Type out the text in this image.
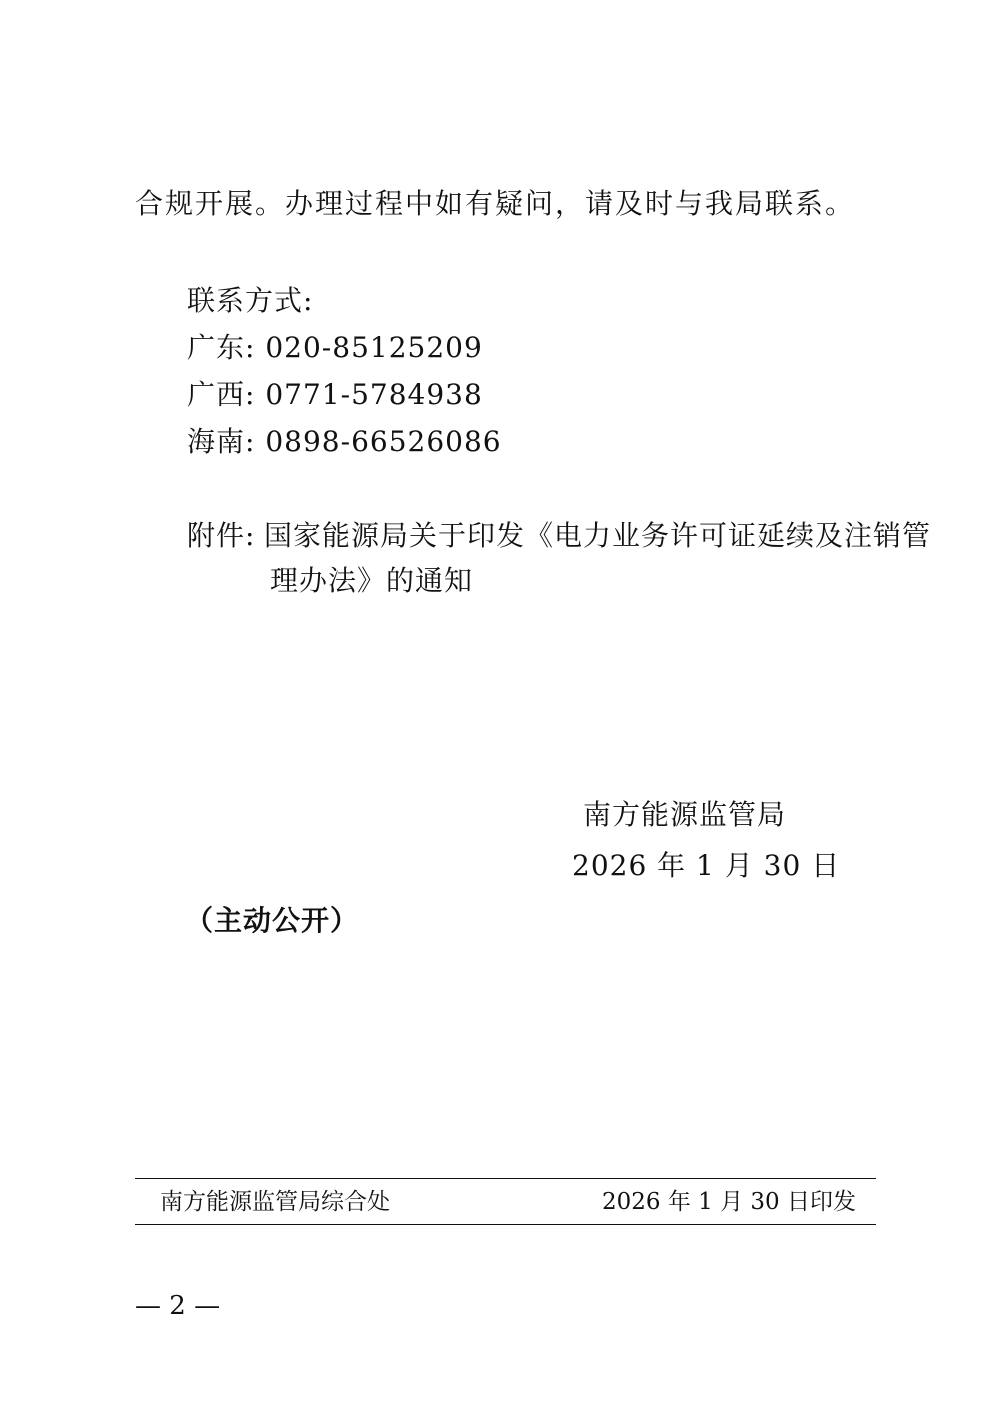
合规开展。办理过程中如有疑问，请及时与我局联系。
联系方式:
广东: 020-85125209
广西: 0771-5784938
海南: 0898-66526086
附件: 国家能源局关于印发《电力业务许可证延续及注销管
理办法》的通知
南方能源监管局
2026 年 1 月 30 日
（主动公开）
南方能源监管局综合处	2026 年 1 月 30 日印发
— 2 —
